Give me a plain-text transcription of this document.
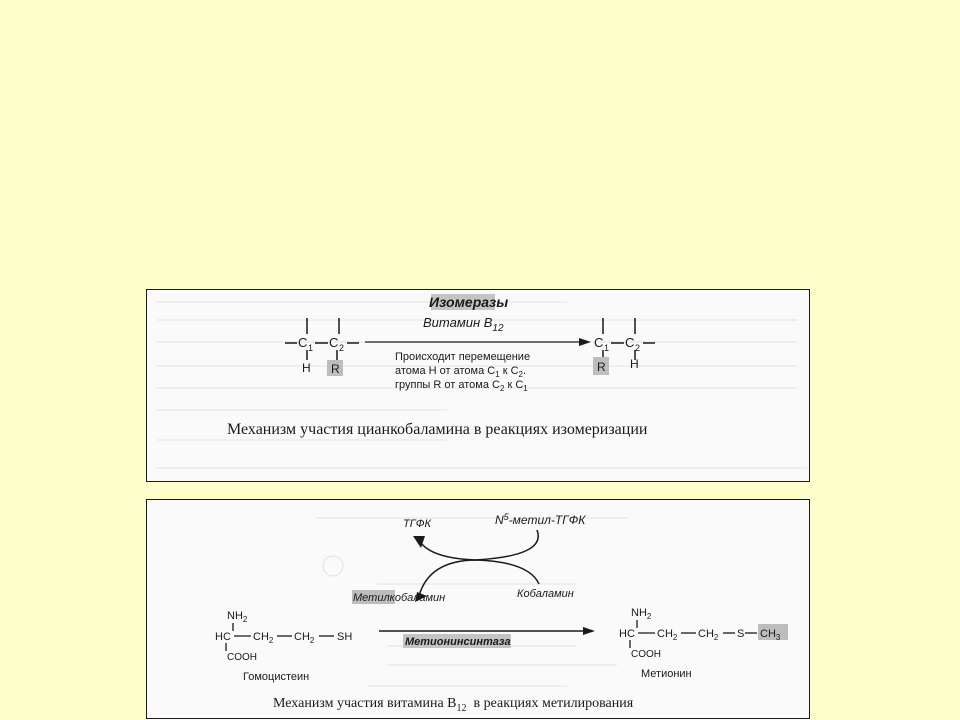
C 1 C 2
H R
Изомеразы
Витамин $B_{12}$
Происходит перемещение
атома Н от атома $С_1$ к $С_2$.
группы R от атома $С_2$ к $С_1$
C 1 C 2
R H
Механизм участия цианкобаламина в реакциях изомеризации
ТГФК	$N^5-метил$-ТГФК
Метилкобаламин	Кобаламин
$NH_2$
HC $CH_2$ $CH_2$ SH
COOH
Гомоцистеин
Метионинсинтаза
$NH_2$
HC $CH_2$ $CH_2$ S $CH_3$
COOH
Метионин
Механизм участия витамина $B_{12}$  в реакциях метилирования
